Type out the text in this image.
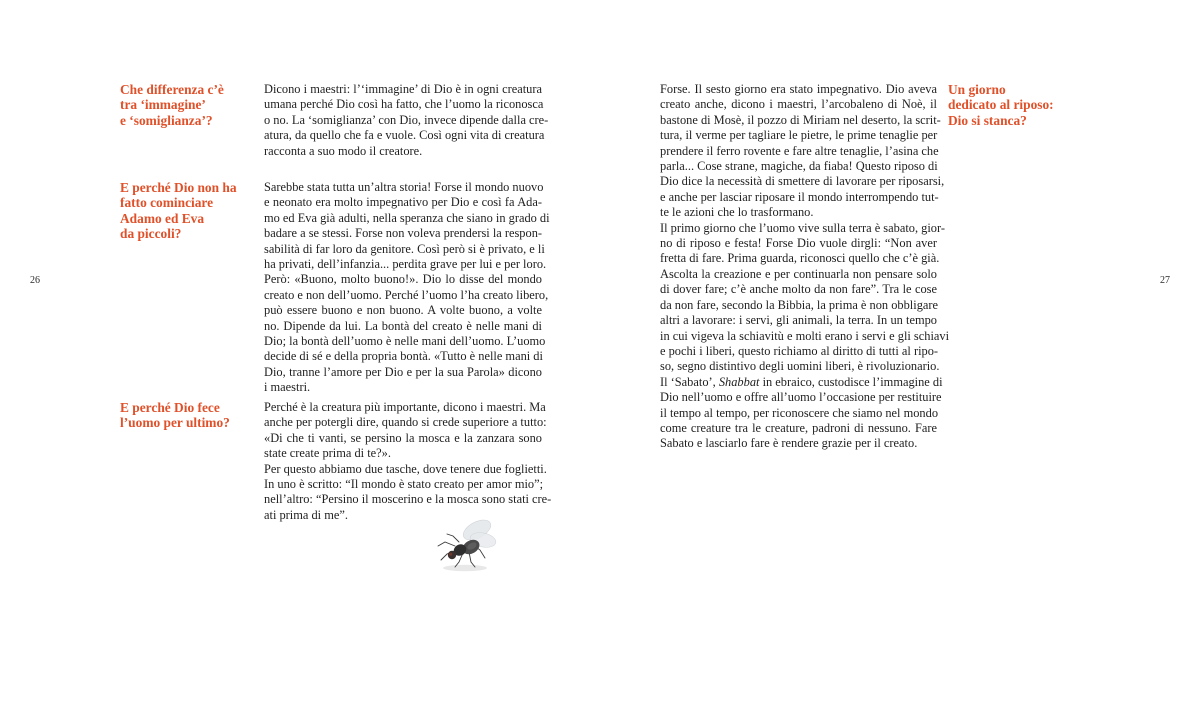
26
Che differenza c’è
tra ‘immagine’
e ‘somiglianza’?
Dicono i maestri: l’‘immagine’ di Dio è in ogni creatura
umana perché Dio così ha fatto, che l’uomo la riconosca
o no. La ‘somiglianza’ con Dio, invece dipende dalla cre-
atura, da quello che fa e vuole. Così ogni vita di creatura
racconta a suo modo il creatore.
E perché Dio non ha
fatto cominciare
Adamo ed Eva
da piccoli?
Sarebbe stata tutta un’altra storia! Forse il mondo nuovo
e neonato era molto impegnativo per Dio e così fa Ada-
mo ed Eva già adulti, nella speranza che siano in grado di
badare a se stessi. Forse non voleva prendersi la respon-
sabilità di far loro da genitore. Così però si è privato, e li
ha privati, dell’infanzia... perdita grave per lui e per loro.
Però: «Buono, molto buono!». Dio lo disse del mondo
creato e non dell’uomo. Perché l’uomo l’ha creato libero,
può essere buono e non buono. A volte buono, a volte
no. Dipende da lui. La bontà del creato è nelle mani di
Dio; la bontà dell’uomo è nelle mani dell’uomo. L’uomo
decide di sé e della propria bontà. «Tutto è nelle mani di
Dio, tranne l’amore per Dio e per la sua Parola» dicono
i maestri.
E perché Dio fece
l’uomo per ultimo?
Perché è la creatura più importante, dicono i maestri. Ma
anche per potergli dire, quando si crede superiore a tutto:
«Di che ti vanti, se persino la mosca e la zanzara sono
state create prima di te?».
Per questo abbiamo due tasche, dove tenere due foglietti.
In uno è scritto: “Il mondo è stato creato per amor mio”;
nell’altro: “Persino il moscerino e la mosca sono stati cre-
ati prima di me”.
Forse. Il sesto giorno era stato impegnativo. Dio aveva
creato anche, dicono i maestri, l’arcobaleno di Noè, il
bastone di Mosè, il pozzo di Miriam nel deserto, la scrit-
tura, il verme per tagliare le pietre, le prime tenaglie per
prendere il ferro rovente e fare altre tenaglie, l’asina che
parla... Cose strane, magiche, da fiaba! Questo riposo di
Dio dice la necessità di smettere di lavorare per riposarsi,
e anche per lasciar riposare il mondo interrompendo tut-
te le azioni che lo trasformano.
Il primo giorno che l’uomo vive sulla terra è sabato, gior-
no di riposo e festa! Forse Dio vuole dirgli: “Non aver
fretta di fare. Prima guarda, riconosci quello che c’è già.
Ascolta la creazione e per continuarla non pensare solo
di dover fare; c’è anche molto da non fare”. Tra le cose
da non fare, secondo la Bibbia, la prima è non obbligare
altri a lavorare: i servi, gli animali, la terra. In un tempo
in cui vigeva la schiavitù e molti erano i servi e gli schiavi
e pochi i liberi, questo richiamo al diritto di tutti al ripo-
so, segno distintivo degli uomini liberi, è rivoluzionario.
Il ‘Sabato’, Shabbat in ebraico, custodisce l’immagine di
Dio nell’uomo e offre all’uomo l’occasione per restituire
il tempo al tempo, per riconoscere che siamo nel mondo
come creature tra le creature, padroni di nessuno. Fare
Sabato e lasciarlo fare è rendere grazie per il creato.
Un giorno
dedicato al riposo:
Dio si stanca?
27
